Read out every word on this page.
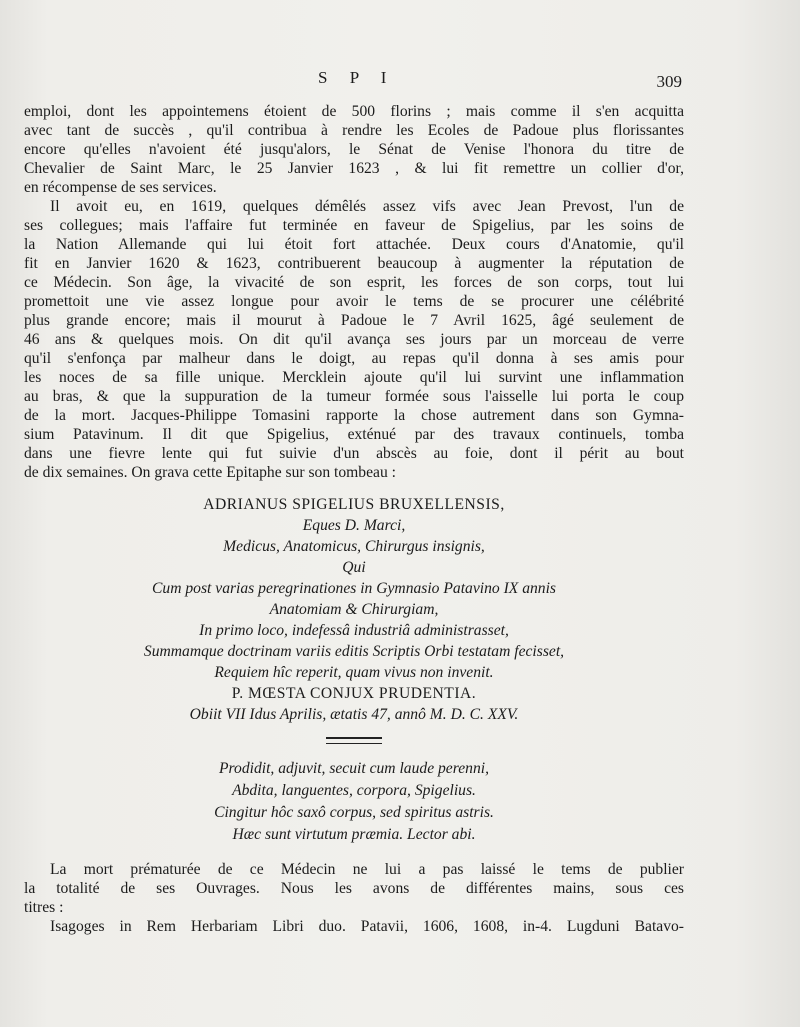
S P I	309

emploi, dont les appointemens étoient de 500 florins ; mais comme il s'en acquitta
avec tant de succès , qu'il contribua à rendre les Ecoles de Padoue plus florissantes
encore qu'elles n'avoient été jusqu'alors, le Sénat de Venise l'honora du titre de
Chevalier de Saint Marc, le 25 Janvier 1623 , & lui fit remettre un collier d'or,
en récompense de ses services.

Il avoit eu, en 1619, quelques démêlés assez vifs avec Jean Prevost, l'un de
ses collegues; mais l'affaire fut terminée en faveur de Spigelius, par les soins de
la Nation Allemande qui lui étoit fort attachée. Deux cours d'Anatomie, qu'il
fit en Janvier 1620 & 1623, contribuerent beaucoup à augmenter la réputation de
ce Médecin. Son âge, la vivacité de son esprit, les forces de son corps, tout lui
promettoit une vie assez longue pour avoir le tems de se procurer une célébrité
plus grande encore; mais il mourut à Padoue le 7 Avril 1625, âgé seulement de
46 ans & quelques mois. On dit qu'il avança ses jours par un morceau de verre
qu'il s'enfonça par malheur dans le doigt, au repas qu'il donna à ses amis pour
les noces de sa fille unique. Mercklein ajoute qu'il lui survint une inflammation
au bras, & que la suppuration de la tumeur formée sous l'aisselle lui porta le coup
de la mort. Jacques-Philippe Tomasini rapporte la chose autrement dans son Gymna-
sium Patavinum. Il dit que Spigelius, exténué par des travaux continuels, tomba
dans une fievre lente qui fut suivie d'un abscès au foie, dont il périt au bout
de dix semaines. On grava cette Epitaphe sur son tombeau :

ADRIANUS SPIGELIUS BRUXELLENSIS,
Eques D. Marci,
Medicus, Anatomicus, Chirurgus insignis,
Qui
Cum post varias peregrinationes in Gymnasio Patavino IX annis
Anatomiam & Chirurgiam,
In primo loco, indefessâ industriâ administrasset,
Summamque doctrinam variis editis Scriptis Orbi testatam fecisset,
Requiem hîc reperit, quam vivus non invenit.
P. MŒSTA CONJUX PRUDENTIA.
Obiit VII Idus Aprilis, ætatis 47, annô M. D. C. XXV.
Prodidit, adjuvit, secuit cum laude perenni,
Abdita, languentes, corpora, Spigelius.
Cingitur hôc saxô corpus, sed spiritus astris.
Hæc sunt virtutum præmia. Lector abi.

La mort prématurée de ce Médecin ne lui a pas laissé le tems de publier
la totalité de ses Ouvrages. Nous les avons de différentes mains, sous ces
titres :
Isagoges in Rem Herbariam Libri duo. Patavii, 1606, 1608, in-4. Lugduni Batavo-
